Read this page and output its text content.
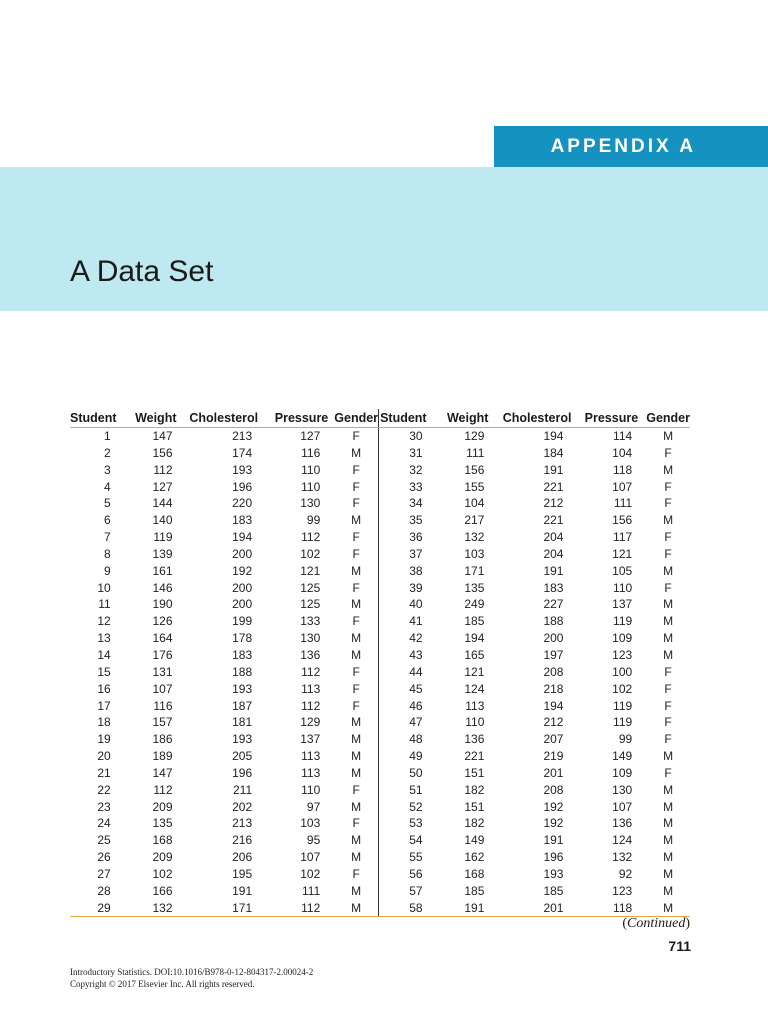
APPENDIX A
A Data Set
Student	Weight	Cholesterol	Pressure	Gender	Student	Weight	Cholesterol	Pressure	Gender
1	147	213	127	F	30	129	194	114	M
2	156	174	116	M	31	111	184	104	F
3	112	193	110	F	32	156	191	118	M
4	127	196	110	F	33	155	221	107	F
5	144	220	130	F	34	104	212	111	F
6	140	183	99	M	35	217	221	156	M
7	119	194	112	F	36	132	204	117	F
8	139	200	102	F	37	103	204	121	F
9	161	192	121	M	38	171	191	105	M
10	146	200	125	F	39	135	183	110	F
11	190	200	125	M	40	249	227	137	M
12	126	199	133	F	41	185	188	119	M
13	164	178	130	M	42	194	200	109	M
14	176	183	136	M	43	165	197	123	M
15	131	188	112	F	44	121	208	100	F
16	107	193	113	F	45	124	218	102	F
17	116	187	112	F	46	113	194	119	F
18	157	181	129	M	47	110	212	119	F
19	186	193	137	M	48	136	207	99	F
20	189	205	113	M	49	221	219	149	M
21	147	196	113	M	50	151	201	109	F
22	112	211	110	F	51	182	208	130	M
23	209	202	97	M	52	151	192	107	M
24	135	213	103	F	53	182	192	136	M
25	168	216	95	M	54	149	191	124	M
26	209	206	107	M	55	162	196	132	M
27	102	195	102	F	56	168	193	92	M
28	166	191	111	M	57	185	185	123	M
29	132	171	112	M	58	191	201	118	M
(Continued)
711
Introductory Statistics. DOI:10.1016/B978-0-12-804317-2.00024-2
Copyright © 2017 Elsevier Inc. All rights reserved.
